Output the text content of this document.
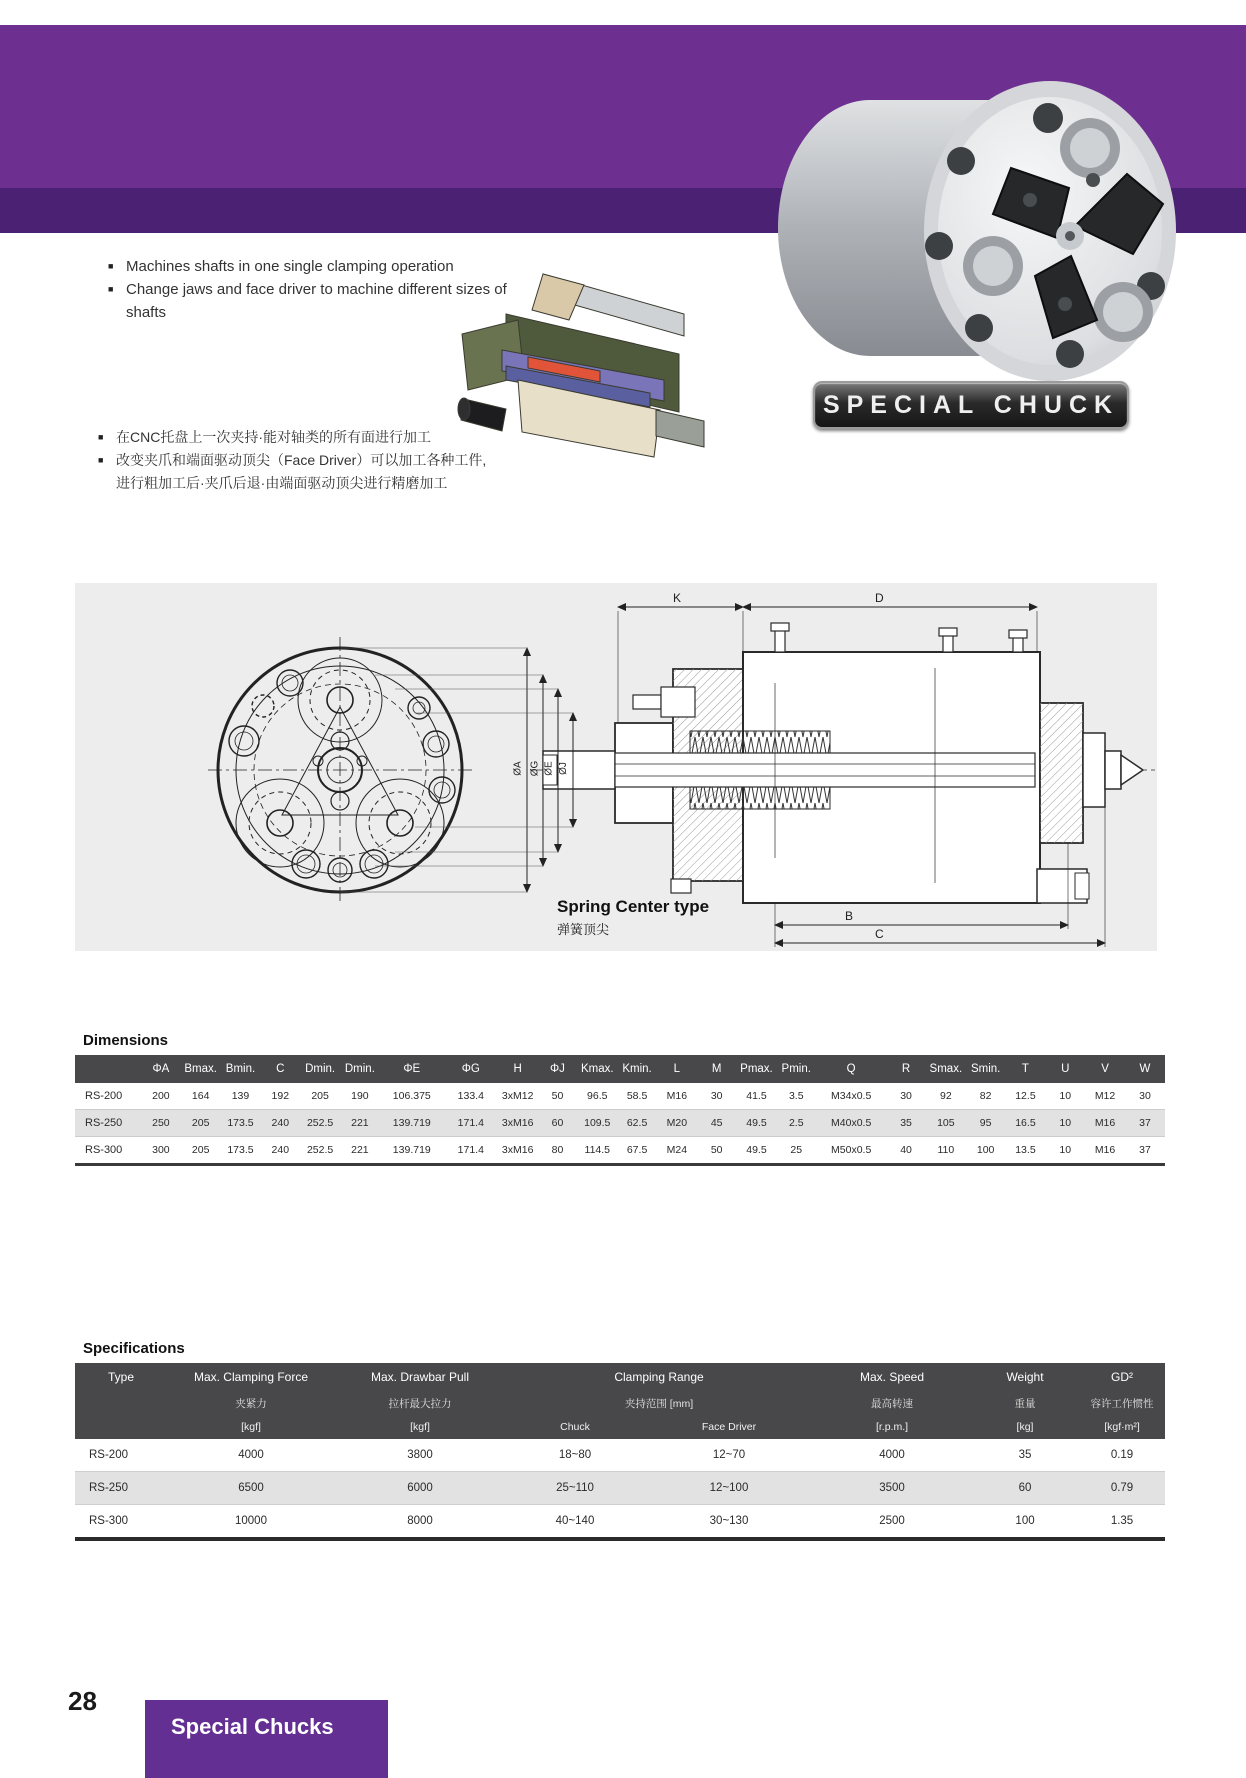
■ Machines shafts in one single clamping operation
■ Change jaws and face driver to machine different sizes of shafts
■ 在CNC托盘上一次夹持·能对轴类的所有面进行加工
■ 改变夹爪和端面驱动顶尖（Face Driver）可以加工各种工件,进行粗加工后·夹爪后退·由端面驱动顶尖进行精磨加工
SPECIAL CHUCK
K	D
B
C
ØA ØG ØE ØJ
Spring Center type
弹簧顶尖
Dimensions
	ΦA	Bmax.	Bmin.	C	Dmin.	Dmin.	ΦE	ΦG	H	ΦJ	Kmax.	Kmin.	L	M	Pmax.	Pmin.	Q	R	Smax.	Smin.	T	U	V	W
RS-200	200	164	139	192	205	190	106.375	133.4	3xM12	50	96.5	58.5	M16	30	41.5	3.5	M34x0.5	30	92	82	12.5	10	M12	30
RS-250	250	205	173.5	240	252.5	221	139.719	171.4	3xM16	60	109.5	62.5	M20	45	49.5	2.5	M40x0.5	35	105	95	16.5	10	M16	37
RS-300	300	205	173.5	240	252.5	221	139.719	171.4	3xM16	80	114.5	67.5	M24	50	49.5	25	M50x0.5	40	110	100	13.5	10	M16	37
Specifications
Type	Max. Clamping Force	Max. Drawbar Pull	Clamping Range		Max. Speed	Weight	GD²
	夹紧力	拉杆最大拉力	夹持范围 [mm]		最高转速	重量	容许工作惯性
	[kgf]	[kgf]	Chuck	Face Driver	[r.p.m.]	[kg]	[kgf·m²]
RS-200	4000	3800	18~80	12~70	4000	35	0.19
RS-250	6500	6000	25~110	12~100	3500	60	0.79
RS-300	10000	8000	40~140	30~130	2500	100	1.35
28
Special Chucks
